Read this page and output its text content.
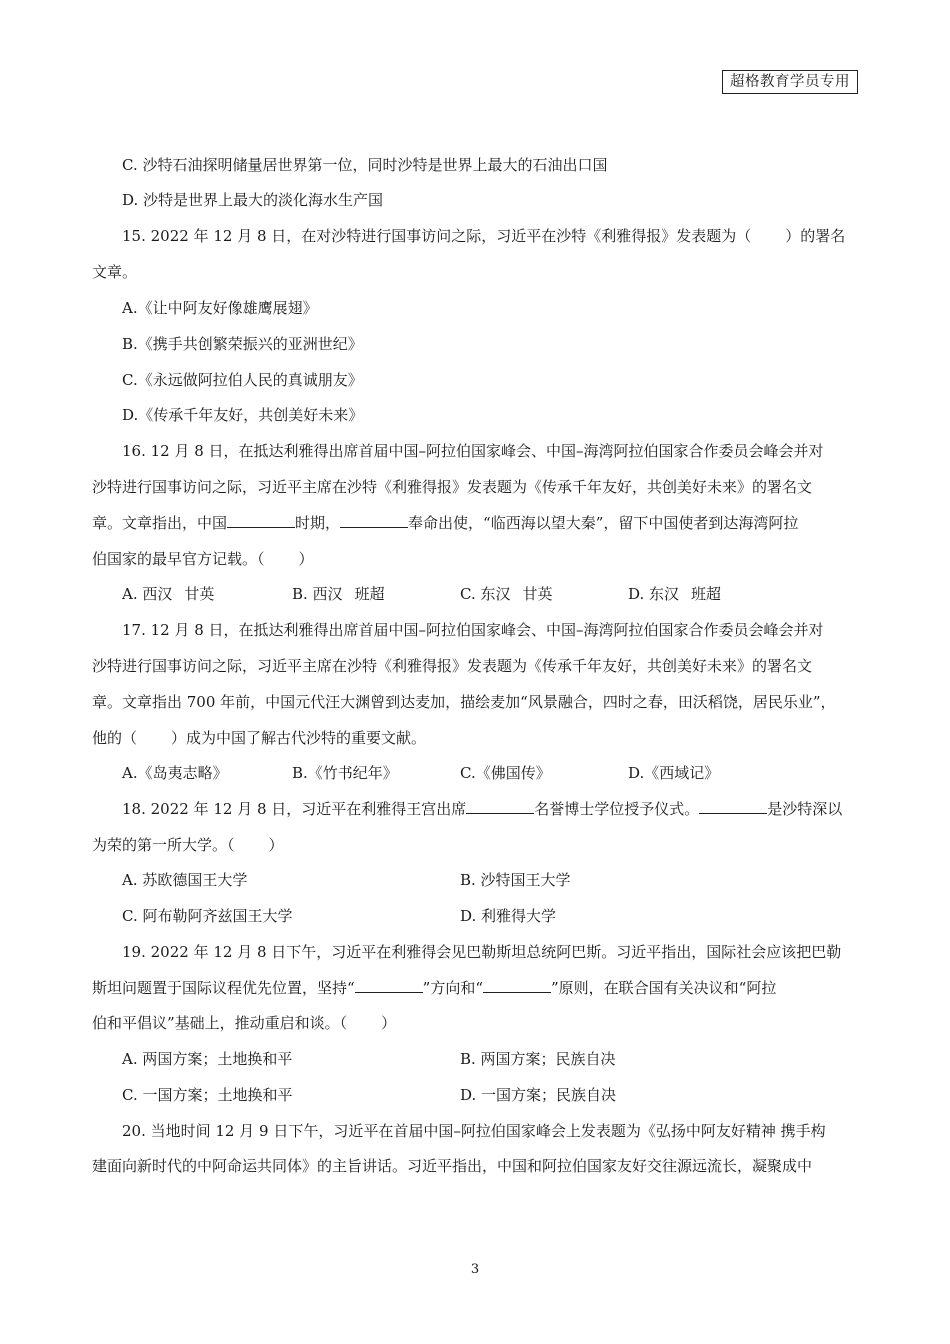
超格教育学员专用
C. 沙特石油探明储量居世界第一位，同时沙特是世界上最大的石油出口国
D. 沙特是世界上最大的淡化海水生产国
15. 2022 年 12 月 8 日，在对沙特进行国事访问之际，习近平在沙特《利雅得报》发表题为（ ）的署名
文章。
A.《让中阿友好像雄鹰展翅》
B.《携手共创繁荣振兴的亚洲世纪》
C.《永远做阿拉伯人民的真诚朋友》
D.《传承千年友好，共创美好未来》
16. 12 月 8 日，在抵达利雅得出席首届中国–阿拉伯国家峰会、中国–海湾阿拉伯国家合作委员会峰会并对
沙特进行国事访问之际，习近平主席在沙特《利雅得报》发表题为《传承千年友好，共创美好未来》的署名文
章。文章指出，中国	时期，	奉命出使，“临西海以望大秦”，留下中国使者到达海湾阿拉
伯国家的最早官方记载。（ ）
A. 西汉 甘英	B. 西汉 班超	C. 东汉 甘英	D. 东汉 班超
17. 12 月 8 日，在抵达利雅得出席首届中国–阿拉伯国家峰会、中国–海湾阿拉伯国家合作委员会峰会并对
沙特进行国事访问之际，习近平主席在沙特《利雅得报》发表题为《传承千年友好，共创美好未来》的署名文
章。文章指出 700 年前，中国元代汪大渊曾到达麦加，描绘麦加“风景融合，四时之春，田沃稻饶，居民乐业”，
他的（ ）成为中国了解古代沙特的重要文献。
A.《岛夷志略》	B.《竹书纪年》	C.《佛国传》	D.《西域记》
18. 2022 年 12 月 8 日，习近平在利雅得王宫出席	名誉博士学位授予仪式。	是沙特深以
为荣的第一所大学。（ ）
A. 苏欧德国王大学	B. 沙特国王大学
C. 阿布勒阿齐兹国王大学	D. 利雅得大学
19. 2022 年 12 月 8 日下午，习近平在利雅得会见巴勒斯坦总统阿巴斯。习近平指出，国际社会应该把巴勒
斯坦问题置于国际议程优先位置，坚持“	”方向和“	”原则，在联合国有关决议和“阿拉
伯和平倡议”基础上，推动重启和谈。（ ）
A. 两国方案；土地换和平	B. 两国方案；民族自决
C. 一国方案；土地换和平	D. 一国方案；民族自决
20. 当地时间 12 月 9 日下午，习近平在首届中国–阿拉伯国家峰会上发表题为《弘扬中阿友好精神 携手构
建面向新时代的中阿命运共同体》的主旨讲话。习近平指出，中国和阿拉伯国家友好交往源远流长，凝聚成中
3
